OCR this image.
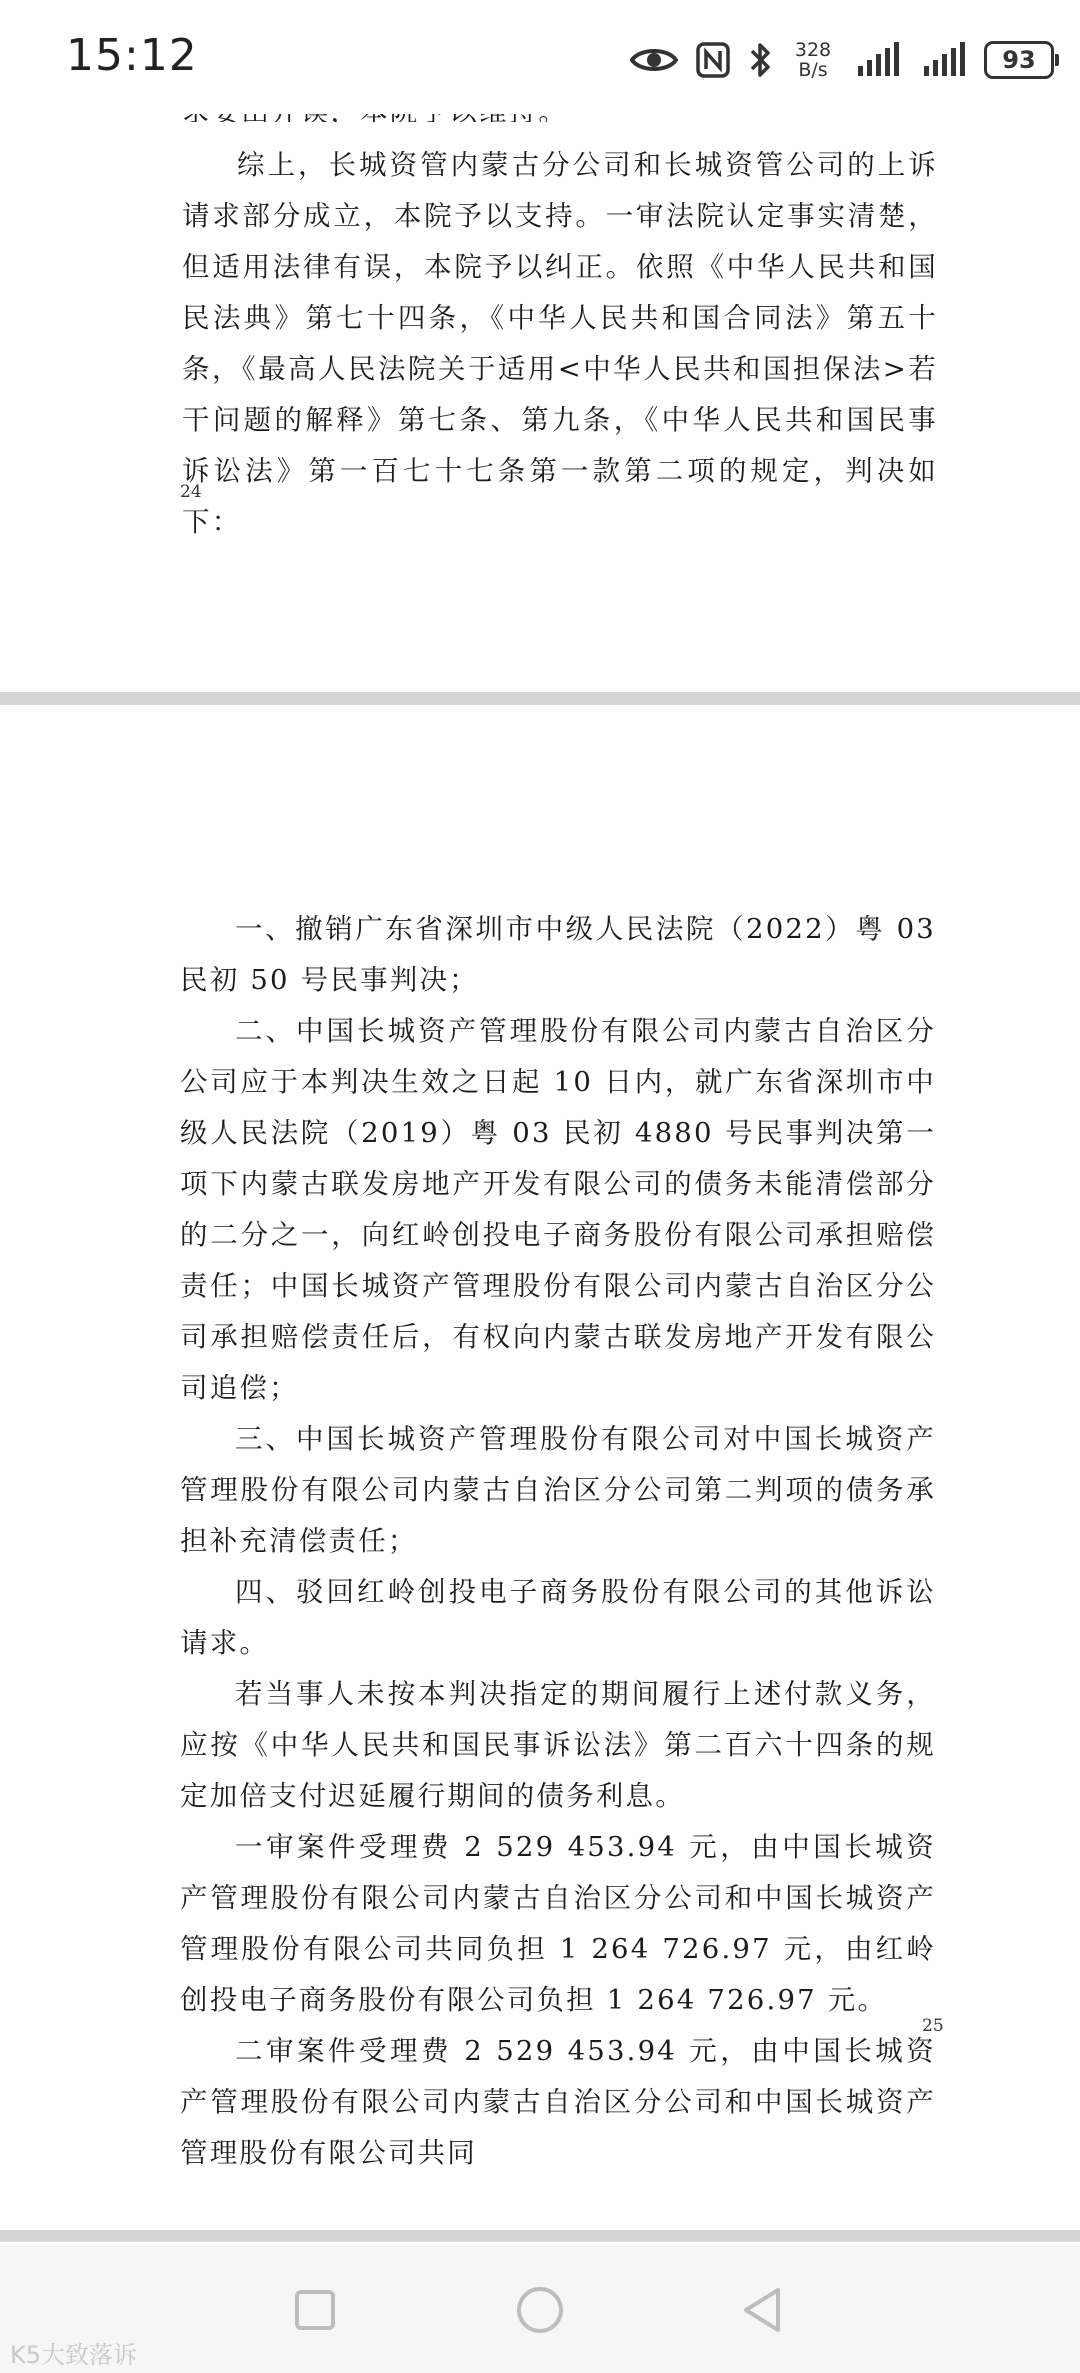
15:12	328
B/s	93

综上，长城资管内蒙古分公司和长城资管公司的上诉请求部分成立，本院予以支持。一审法院认定事实清楚，但适用法律有误，本院予以纠正。依照《中华人民共和国民法典》第七十四条，《中华人民共和国合同法》第五十条，《最高人民法院关于适用<中华人民共和国担保法>若干问题的解释》第七条、第九条，《中华人民共和国民事诉讼法》第一百七十七条第一款第二项的规定，判决如下：

24

一、撤销广东省深圳市中级人民法院（2022）粤 03 民初 50 号民事判决；

二、中国长城资产管理股份有限公司内蒙古自治区分公司应于本判决生效之日起 10 日内，就广东省深圳市中级人民法院（2019）粤 03 民初 4880 号民事判决第一项下内蒙古联发房地产开发有限公司的债务未能清偿部分的二分之一，向红岭创投电子商务股份有限公司承担赔偿责任；中国长城资产管理股份有限公司内蒙古自治区分公司承担赔偿责任后，有权向内蒙古联发房地产开发有限公司追偿；

三、中国长城资产管理股份有限公司对中国长城资产管理股份有限公司内蒙古自治区分公司第二判项的债务承担补充清偿责任；

四、驳回红岭创投电子商务股份有限公司的其他诉讼请求。

若当事人未按本判决指定的期间履行上述付款义务，应按《中华人民共和国民事诉讼法》第二百六十四条的规定加倍支付迟延履行期间的债务利息。

一审案件受理费 2 529 453.94 元，由中国长城资产管理股份有限公司内蒙古自治区分公司和中国长城资产管理股份有限公司共同负担 1 264 726.97 元，由红岭创投电子商务股份有限公司负担 1 264 726.97 元。

二审案件受理费 2 529 453.94 元，由中国长城资产管理股份有限公司内蒙古自治区分公司和中国长城资产管理股份有限公司共同

25
K5大致落诉
